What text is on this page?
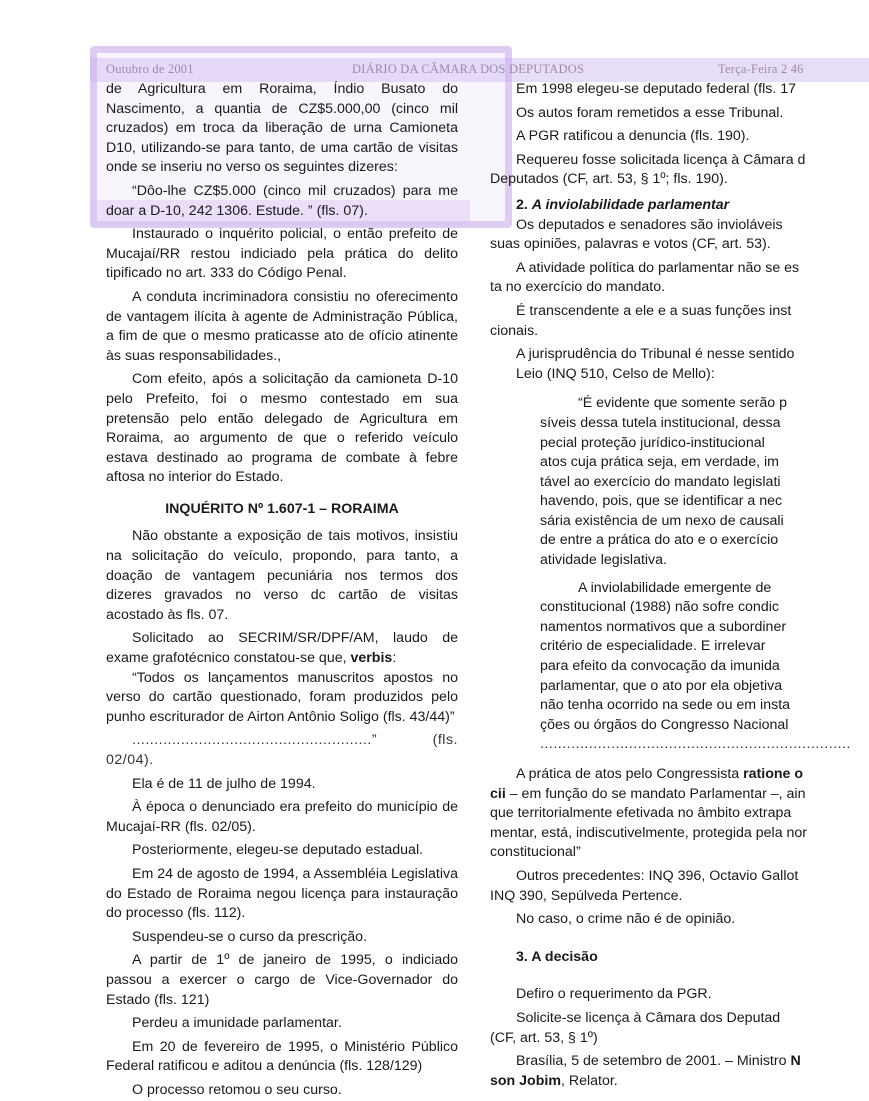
Outubro de 2001	DIÁRIO DA CÂMARA DOS DEPUTADOS	Terça-Feira 2 46

de Agricultura em Roraima, Índio Busato do Nascimento, a quantia de CZ$5.000,00 (cinco mil cruzados) em troca da liberação de urna Camioneta D10, utilizando-se para tanto, de uma cartão de visitas onde se inseriu no verso os seguintes dizeres:

“Dôo-lhe CZ$5.000 (cinco mil cruzados) para me doar a D-10, 242 1306. Estude. ” (fls. 07).

Instaurado o inquérito policial, o então prefeito de Mucajaí/RR restou indiciado pela prática do delito tipificado no art. 333 do Código Penal.

A conduta incriminadora consistiu no oferecimento de vantagem ilícita à agente de Administração Pública, a fim de que o mesmo praticasse ato de ofício atinente às suas responsabilidades.,

Com efeito, após a solicitação da camioneta D-10 pelo Prefeito, foi o mesmo contestado em sua pretensão pelo então delegado de Agricultura em Roraima, ao argumento de que o referido veículo estava destinado ao programa de combate à febre aftosa no interior do Estado.

INQUÉRITO Nº 1.607-1 – RORAIMA

Não obstante a exposição de tais motivos, insistiu na solicitação do veículo, propondo, para tanto, a doação de vantagem pecuniária nos termos dos dizeres gravados no verso dc cartão de visitas acostado às fls. 07.

Solicitado ao SECRIM/SR/DPF/AM, laudo de exame grafotécnico constatou-se que, verbis:

“Todos os lançamentos manuscritos apostos no verso do cartão questionado, foram produzidos pelo punho escriturador de Airton Antônio Soligo (fls. 43/44)”

......................................................” (fls. 02/04).

Ela é de 11 de julho de 1994.

À época o denunciado era prefeito do município de Mucajaí-RR (fls. 02/05).

Posteriormente, elegeu-se deputado estadual.

Em 24 de agosto de 1994, a Assembléia Legislativa do Estado de Roraima negou licença para instauração do processo (fls. 112).

Suspendeu-se o curso da prescrição.

A partir de 1º de janeiro de 1995, o indiciado passou a exercer o cargo de Vice-Governador do Estado (fls. 121)

Perdeu a imunidade parlamentar.

Em 20 de fevereiro de 1995, o Ministério Público Federal ratificou e aditou a denúncia (fls. 128/129)

O processo retomou o seu curso.

Em 1998 elegeu-se deputado federal (fls. 17

Os autos foram remetidos a esse Tribunal.

A PGR ratificou a denuncia (fls. 190).

Requereu fosse solicitada licença à Câmara d

Deputados (CF, art. 53, § 1º; fls. 190).

2. A inviolabilidade parlamentar

Os deputados e senadores são invioláveis

suas opiniões, palavras e votos (CF, art. 53).

A atividade política do parlamentar não se es

ta no exercício do mandato.

É transcendente a ele e a suas funções inst

cionais.

A jurisprudência do Tribunal é nesse sentido

Leio (INQ 510, Celso de Mello):

“É evidente que somente serão p

síveis dessa tutela institucional, dessa

pecial proteção jurídico-institucional

atos cuja prática seja, em verdade, im

tável ao exercício do mandato legislati

havendo, pois, que se identificar a nec

sária existência de um nexo de causali

de entre a prática do ato e o exercício

atividade legislativa.

A inviolabilidade emergente de

constitucional (1988) não sofre condic

namentos normativos que a subordiner

critério de especialidade. E irrelevar

para efeito da convocação da imunida

parlamentar, que o ato por ela objetiva

não tenha ocorrido na sede ou em insta

ções ou órgãos do Congresso Nacional

......................................................................

A prática de atos pelo Congressista ratione o

cii – em função do se mandato Parlamentar –, ain

que territorialmente efetivada no âmbito extrapa

mentar, está, indiscutivelmente, protegida pela nor

constitucional”

Outros precedentes: INQ 396, Octavio Gallot

INQ 390, Sepúlveda Pertence.

No caso, o crime não é de opinião.

3. A decisão

Defiro o requerimento da PGR.

Solicite-se licença à Câmara dos Deputad

(CF, art. 53, § 1º)

Brasília, 5 de setembro de 2001. – Ministro N

son Jobim, Relator.
